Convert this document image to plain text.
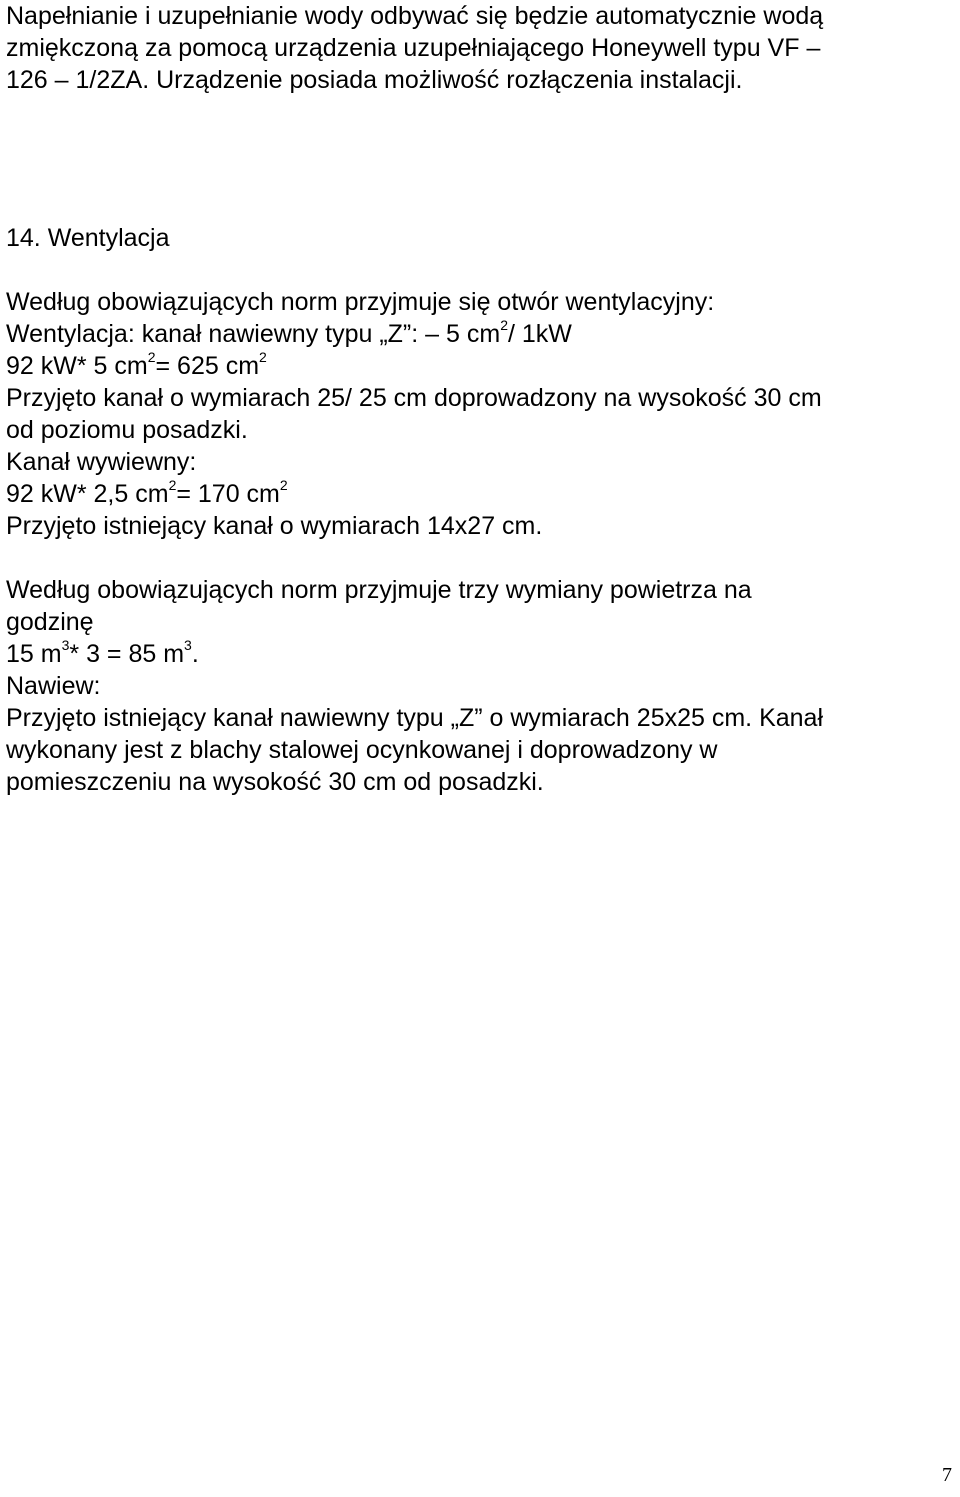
Napełnianie i uzupełnianie wody odbywać się będzie automatycznie wodą
zmiękczoną za pomocą urządzenia uzupełniającego Honeywell typu VF –
126 – 1/2ZA. Urządzenie posiada możliwość rozłączenia instalacji.
14. Wentylacja
Według obowiązujących norm przyjmuje się otwór wentylacyjny:
Wentylacja: kanał nawiewny typu „Z”: – 5 $cm^2/$ 1kW
92 kW* 5 $cm^2= 625$ $cm^2$
Przyjęto kanał o wymiarach 25/ 25 cm doprowadzony na wysokość 30 cm
od poziomu posadzki.
Kanał wywiewny:
92 kW* 2,5 $cm^2= 170$ $cm^2$
Przyjęto istniejący kanał o wymiarach 14x27 cm.
Według obowiązujących norm przyjmuje trzy wymiany powietrza na
godzinę
15 $m^3*$ 3 = 85 $m^3$.
Nawiew:
Przyjęto istniejący kanał nawiewny typu „Z” o wymiarach 25x25 cm. Kanał
wykonany jest z blachy stalowej ocynkowanej i doprowadzony w
pomieszczeniu na wysokość 30 cm od posadzki.
7
